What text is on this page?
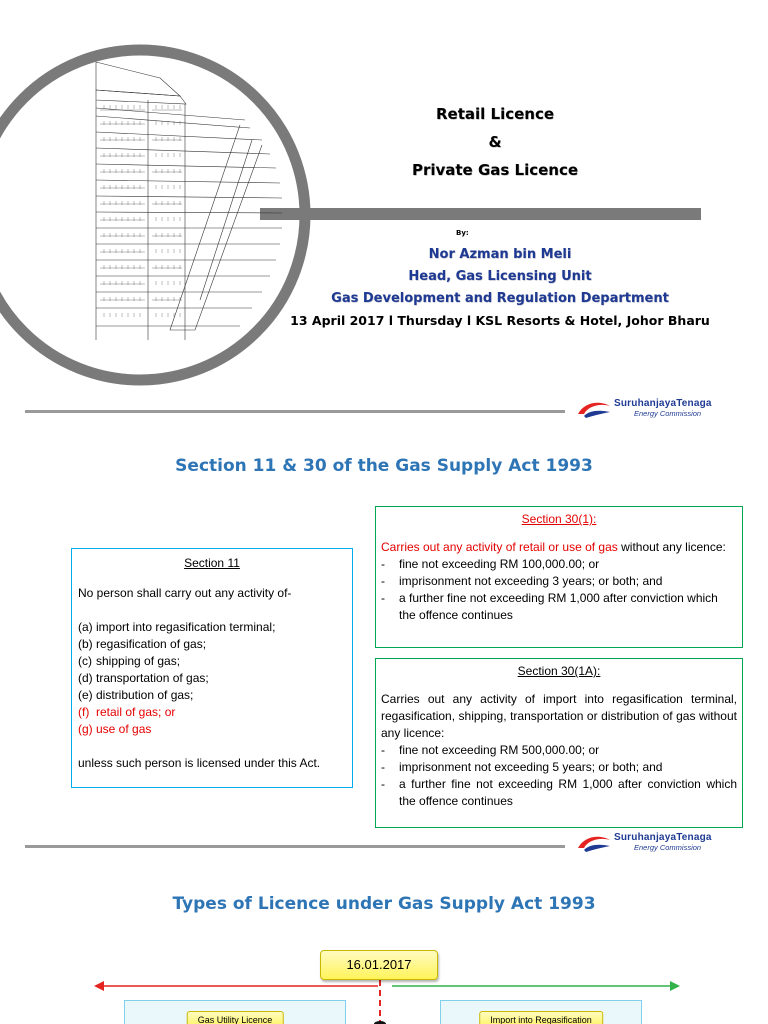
Retail Licence
&
Private Gas Licence
By:
Nor Azman bin Meli
Head, Gas Licensing Unit
Gas Development and Regulation Department
13 April 2017 l Thursday l KSL Resorts & Hotel, Johor Bharu
SuruhanjayaTenaga
Energy Commission
Section 11 & 30 of the Gas Supply Act 1993
Section 11
No person shall carry out any activity of-
(a) import into regasification terminal;
(b) regasification of gas;
(c) shipping of gas;
(d) transportation of gas;
(e) distribution of gas;
(f) retail of gas; or
(g) use of gas
unless such person is licensed under this Act.
Section 30(1):
Carries out any activity of retail or use of gas without any licence:
-	fine not exceeding RM 100,000.00; or
-	imprisonment not exceeding 3 years; or both; and
-	a further fine not exceeding RM 1,000 after conviction which the offence continues
Section 30(1A):
Carries out any activity of import into regasification terminal, regasification, shipping, transportation or distribution of gas without any licence:
-	fine not exceeding RM 500,000.00; or
-	imprisonment not exceeding 5 years; or both; and
-	a further fine not exceeding RM 1,000 after conviction which the offence continues
SuruhanjayaTenaga
Energy Commission
Types of Licence under Gas Supply Act 1993
16.01.2017
Gas Utility Licence	Import into Regasification
